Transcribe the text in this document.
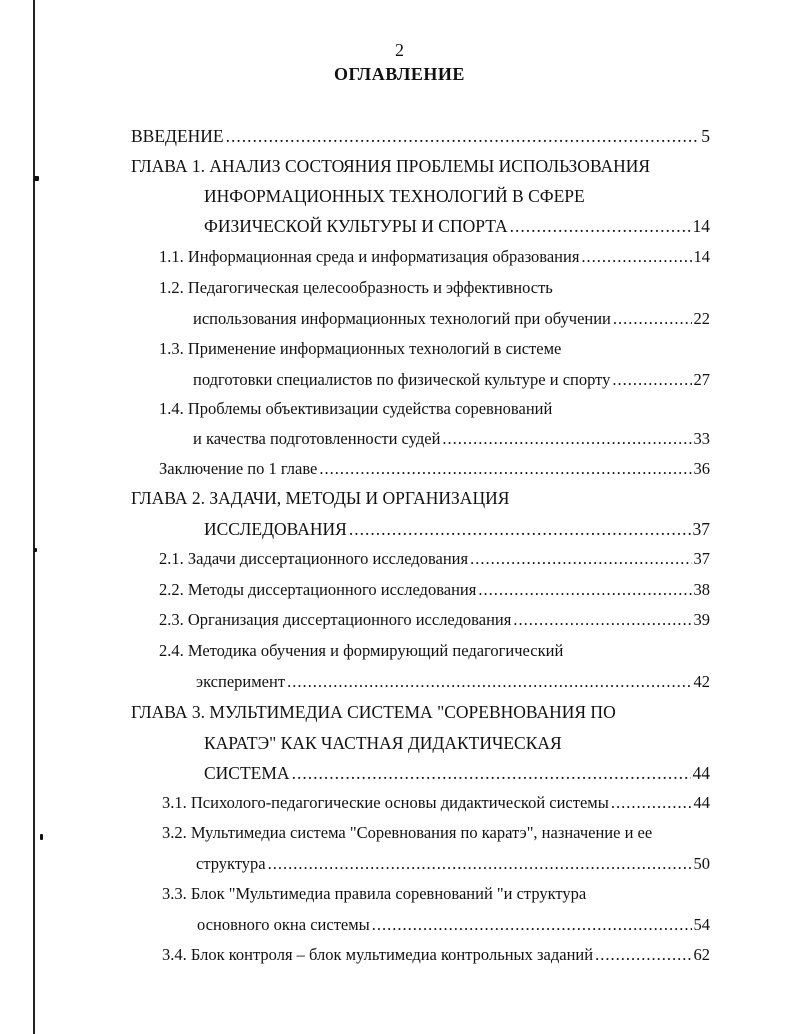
2
ОГЛАВЛЕНИЕ
ВВЕДЕНИЕ .....	5
ГЛАВА 1. АНАЛИЗ СОСТОЯНИЯ ПРОБЛЕМЫ ИСПОЛЬЗОВАНИЯ
ИНФОРМАЦИОННЫХ ТЕХНОЛОГИЙ В СФЕРЕ
ФИЗИЧЕСКОЙ КУЛЬТУРЫ И СПОРТА .....	14
1.1. Информационная среда и информатизация образования .....	14
1.2. Педагогическая целесообразность и эффективность
использования информационных технологий при обучении .....	22
1.3. Применение информационных технологий в системе
подготовки специалистов по физической культуре и спорту .....	27
1.4. Проблемы объективизации судейства соревнований
и качества подготовленности судей .....	33
Заключение по 1 главе .....	36
ГЛАВА 2. ЗАДАЧИ, МЕТОДЫ И ОРГАНИЗАЦИЯ
ИССЛЕДОВАНИЯ .....	37
2.1. Задачи диссертационного исследования .....	37
2.2. Методы диссертационного исследования .....	38
2.3. Организация диссертационного исследования .....	39
2.4. Методика обучения и формирующий педагогический
эксперимент .....	42
ГЛАВА 3. МУЛЬТИМЕДИА СИСТЕМА "СОРЕВНОВАНИЯ ПО
КАРАТЭ" КАК ЧАСТНАЯ ДИДАКТИЧЕСКАЯ
СИСТЕМА .....	44
3.1. Психолого-педагогические основы дидактической системы .....	44
3.2. Мультимедиа система "Соревнования по каратэ", назначение и ее
структура .....	50
3.3. Блок "Мультимедиа правила соревнований "и структура
основного окна системы .....	54
3.4. Блок контроля – блок мультимедиа контрольных заданий .....	62
